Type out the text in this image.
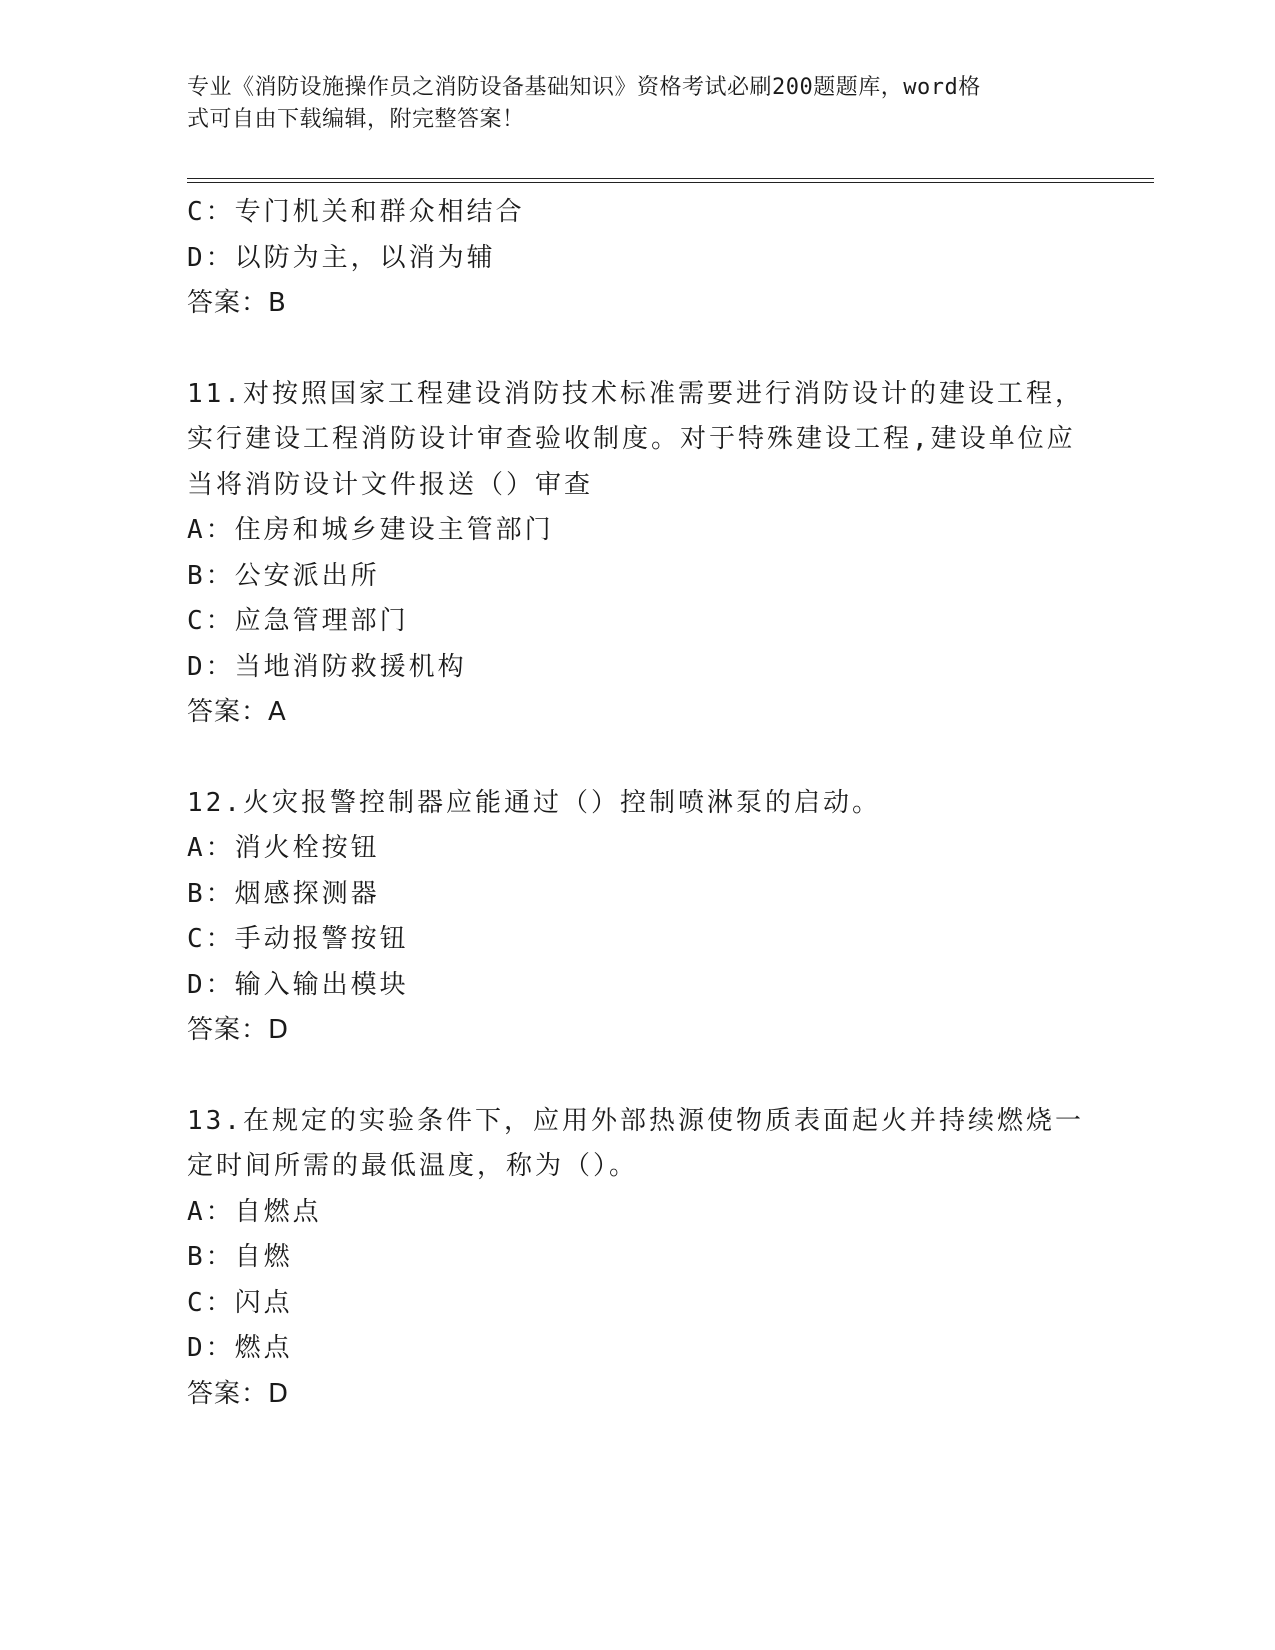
专业《消防设施操作员之消防设备基础知识》资格考试必刷200题题库，word格
式可自由下载编辑，附完整答案！
C：专门机关和群众相结合
D：以防为主，以消为辅
答案：B
11.对按照国家工程建设消防技术标准需要进行消防设计的建设工程，
实行建设工程消防设计审查验收制度。对于特殊建设工程,建设单位应
当将消防设计文件报送（）审查
A：住房和城乡建设主管部门
B：公安派出所
C：应急管理部门
D：当地消防救援机构
答案：A
12.火灾报警控制器应能通过（）控制喷淋泵的启动。
A：消火栓按钮
B：烟感探测器
C：手动报警按钮
D：输入输出模块
答案：D
13.在规定的实验条件下，应用外部热源使物质表面起火并持续燃烧一
定时间所需的最低温度，称为（）。
A：自燃点
B：自燃
C：闪点
D：燃点
答案：D
